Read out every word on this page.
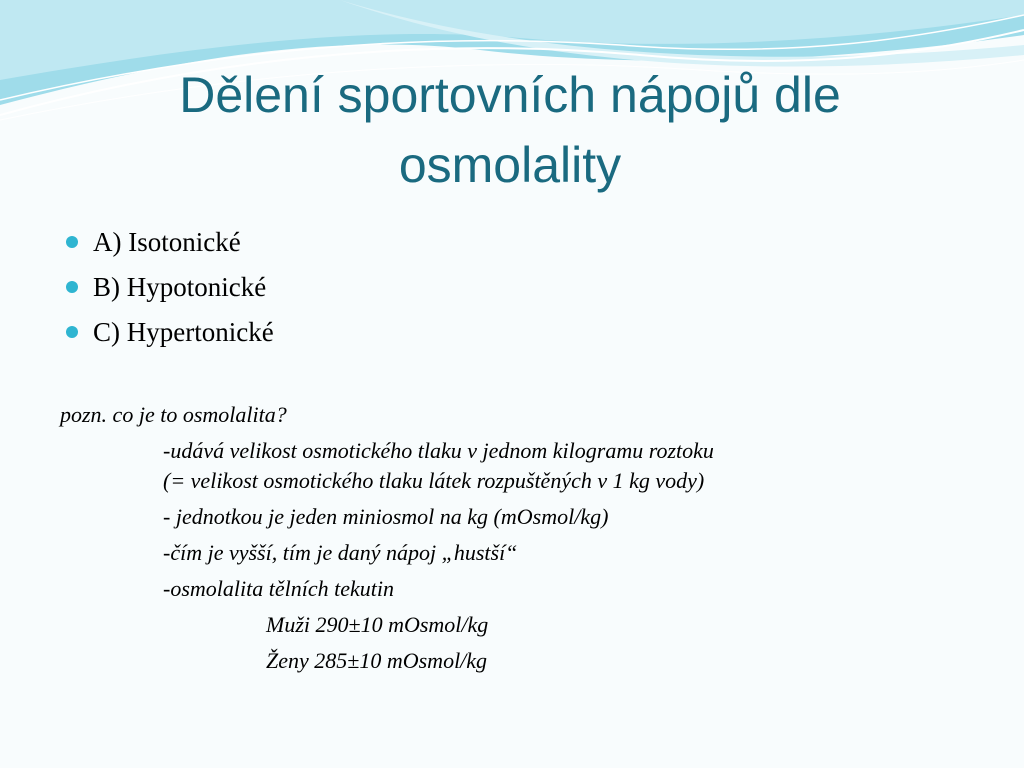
Dělení sportovních nápojů dle
osmolality
A) Isotonické
B) Hypotonické
C) Hypertonické
pozn. co je to osmolalita?
-udává velikost osmotického tlaku v jednom kilogramu roztoku
(= velikost osmotického tlaku látek rozpuštěných v 1 kg vody)
- jednotkou je jeden miniosmol na kg (mOsmol/kg)
-čím je vyšší, tím je daný nápoj „hustší“
-osmolalita tělních tekutin
Muži 290±10 mOsmol/kg
Ženy 285±10 mOsmol/kg
